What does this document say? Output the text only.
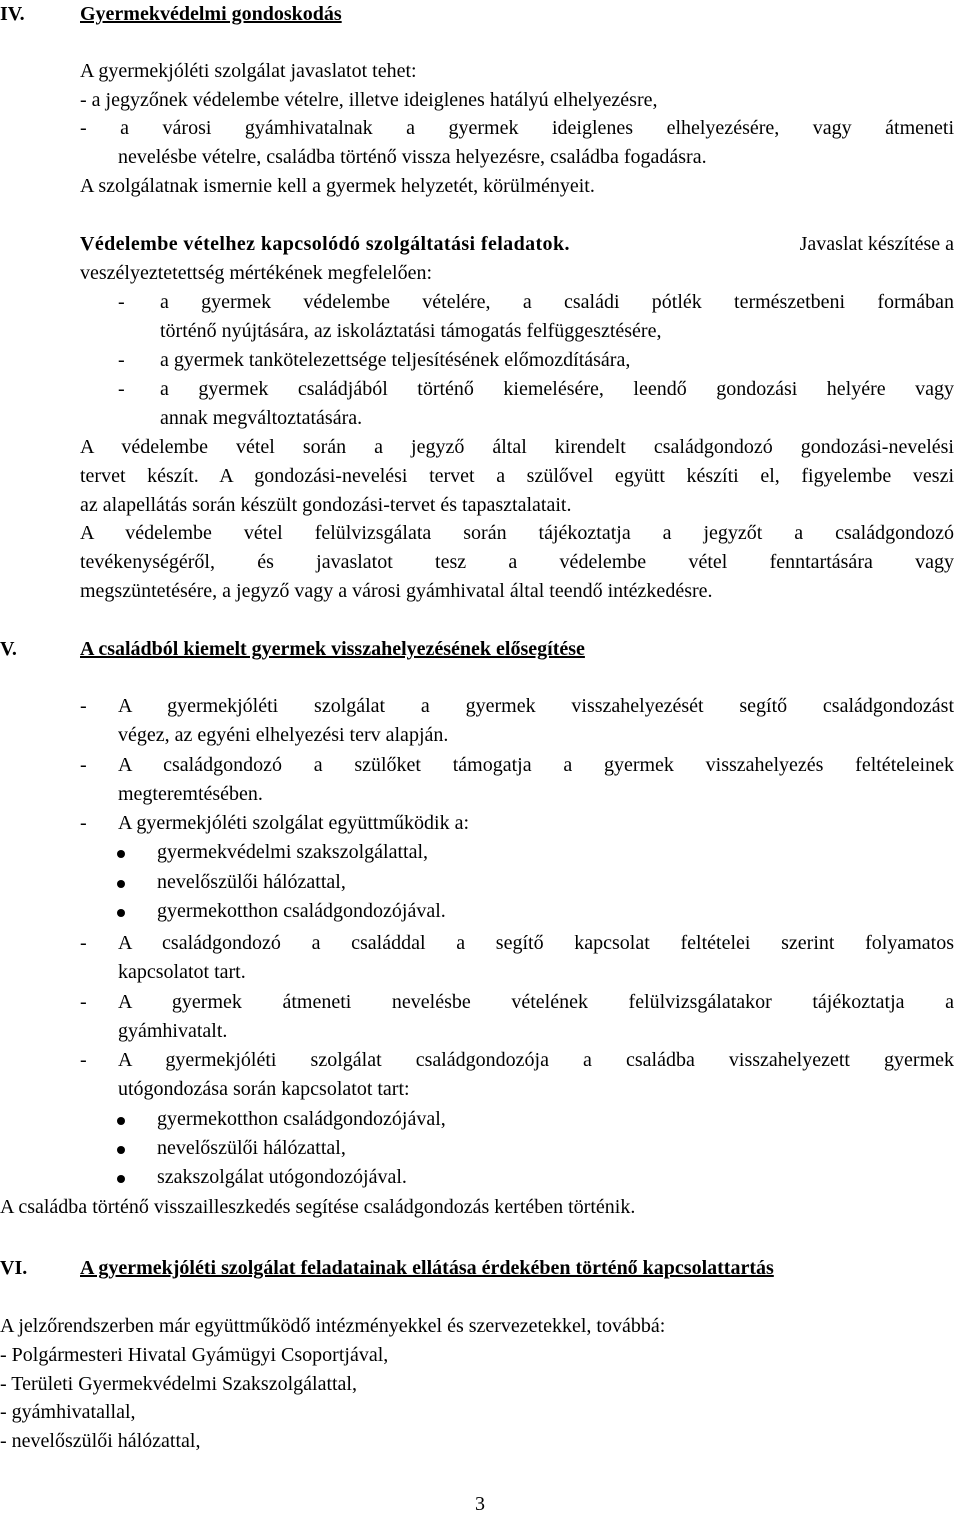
IV.	Gyermekvédelmi gondoskodás
A gyermekjóléti szolgálat javaslatot tehet:
- a jegyzőnek védelembe vételre, illetve ideiglenes hatályú elhelyezésre,
- a városi gyámhivatalnak a gyermek ideiglenes elhelyezésére, vagy átmeneti
nevelésbe vételre, családba történő vissza helyezésre, családba fogadásra.
A szolgálatnak ismernie kell a gyermek helyzetét, körülményeit.
Védelembe vételhez kapcsolódó szolgáltatási feladatok.	Javaslat készítése a
veszélyeztetettség mértékének megfelelően:
- a gyermek védelembe vételére, a családi pótlék természetbeni formában
történő nyújtására, az iskoláztatási támogatás felfüggesztésére,
- a gyermek tankötelezettsége teljesítésének előmozdítására,
- a gyermek családjából történő kiemelésére, leendő gondozási helyére vagy
annak megváltoztatására.
A védelembe vétel során a jegyző által kirendelt családgondozó gondozási-nevelési
tervet készít. A gondozási-nevelési tervet a szülővel együtt készíti el, figyelembe veszi
az alapellátás során készült gondozási-tervet és tapasztalatait.
A védelembe vétel felülvizsgálata során tájékoztatja a jegyzőt a családgondozó
tevékenységéről, és javaslatot tesz a védelembe vétel fenntartására vagy
megszüntetésére, a jegyző vagy a városi gyámhivatal által teendő intézkedésre.
V.	A családból kiemelt gyermek visszahelyezésének elősegítése
- A gyermekjóléti szolgálat a gyermek visszahelyezését segítő családgondozást
végez, az egyéni elhelyezési terv alapján.
- A családgondozó a szülőket támogatja a gyermek visszahelyezés feltételeinek
megteremtésében.
- A gyermekjóléti szolgálat együttműködik a:
gyermekvédelmi szakszolgálattal,
nevelőszülői hálózattal,
gyermekotthon családgondozójával.
- A családgondozó a családdal a segítő kapcsolat feltételei szerint folyamatos
kapcsolatot tart.
- A gyermek átmeneti nevelésbe vételének felülvizsgálatakor tájékoztatja a
gyámhivatalt.
- A gyermekjóléti szolgálat családgondozója a családba visszahelyezett gyermek
utógondozása során kapcsolatot tart:
gyermekotthon családgondozójával,
nevelőszülői hálózattal,
szakszolgálat utógondozójával.
A családba történő visszailleszkedés segítése családgondozás kertében történik.
VI.	A gyermekjóléti szolgálat feladatainak ellátása érdekében történő kapcsolattartás
A jelzőrendszerben már együttműködő intézményekkel és szervezetekkel, továbbá:
- Polgármesteri Hivatal Gyámügyi Csoportjával,
- Területi Gyermekvédelmi Szakszolgálattal,
- gyámhivatallal,
- nevelőszülői hálózattal,
3
